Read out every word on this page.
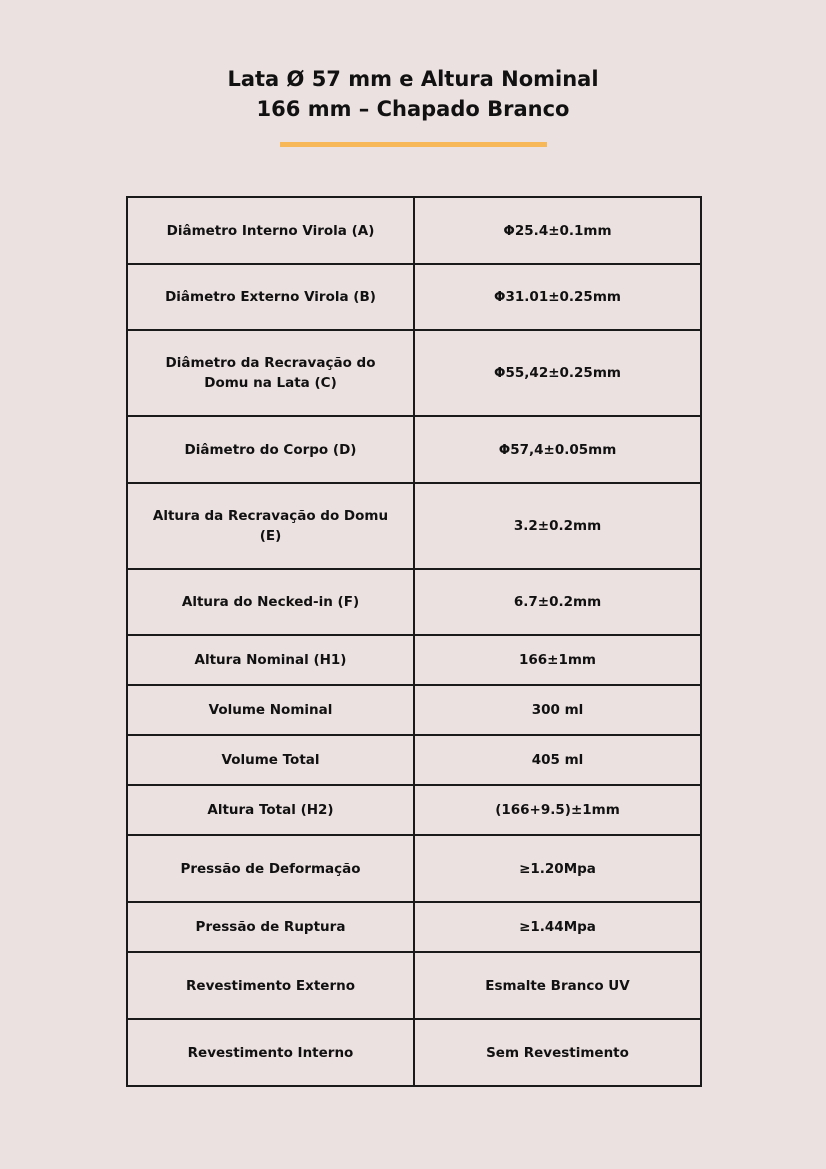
Lata Ø 57 mm e Altura Nominal
166 mm – Chapado Branco
Diâmetro Interno Virola (A)	Φ25.4±0.1mm
Diâmetro Externo Virola (B)	Φ31.01±0.25mm
Diâmetro da Recravação do Domu na Lata (C)	Φ55,42±0.25mm
Diâmetro do Corpo (D)	Φ57,4±0.05mm
Altura da Recravação do Domu (E)	3.2±0.2mm
Altura do Necked-in (F)	6.7±0.2mm
Altura Nominal (H1)	166±1mm
Volume Nominal	300 ml
Volume Total	405 ml
Altura Total (H2)	(166+9.5)±1mm
Pressão de Deformação	≥1.20Mpa
Pressão de Ruptura	≥1.44Mpa
Revestimento Externo	Esmalte Branco UV
Revestimento Interno	Sem Revestimento
